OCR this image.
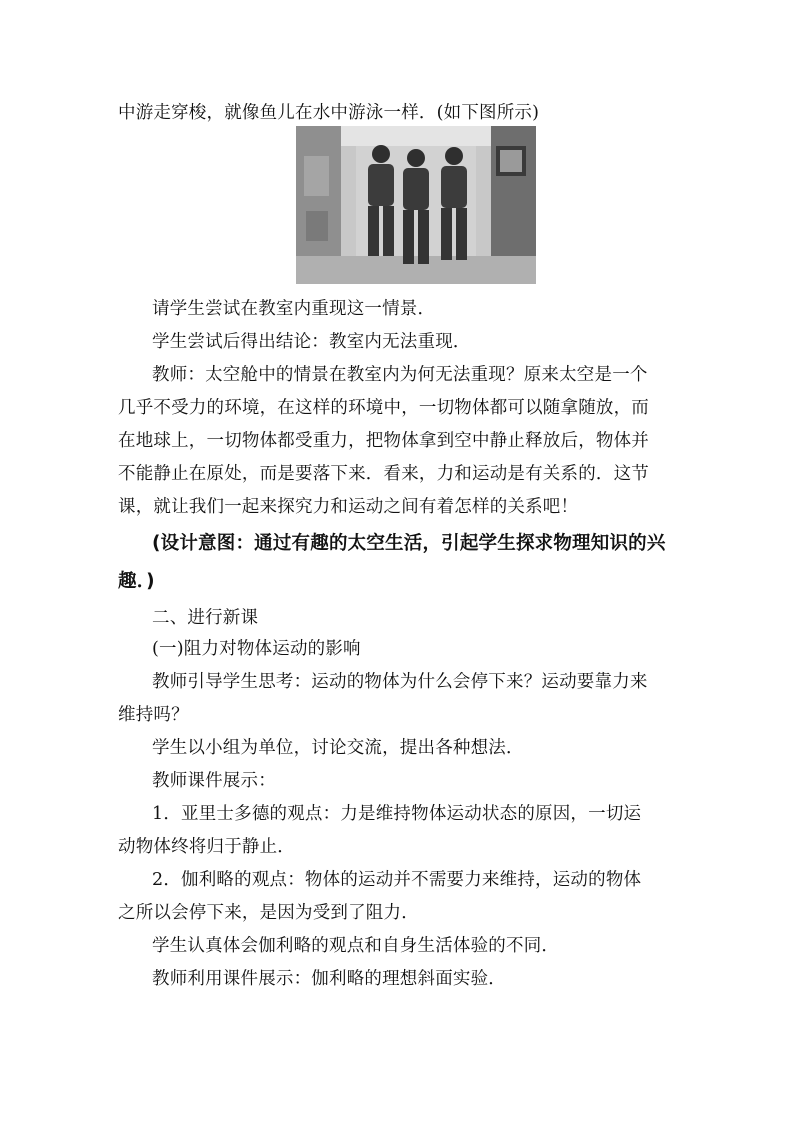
中游走穿梭，就像鱼儿在水中游泳一样．(如下图所示)
请学生尝试在教室内重现这一情景．
学生尝试后得出结论：教室内无法重现．
教师：太空舱中的情景在教室内为何无法重现？原来太空是一个
几乎不受力的环境，在这样的环境中，一切物体都可以随拿随放，而
在地球上，一切物体都受重力，把物体拿到空中静止释放后，物体并
不能静止在原处，而是要落下来．看来，力和运动是有关系的．这节
课，就让我们一起来探究力和运动之间有着怎样的关系吧！
(设计意图：通过有趣的太空生活，引起学生探求物理知识的兴
趣．)
二、进行新课
(一)阻力对物体运动的影响
教师引导学生思考：运动的物体为什么会停下来？运动要靠力来
维持吗？
学生以小组为单位，讨论交流，提出各种想法．
教师课件展示：
1．亚里士多德的观点：力是维持物体运动状态的原因，一切运
动物体终将归于静止．
2．伽利略的观点：物体的运动并不需要力来维持，运动的物体
之所以会停下来，是因为受到了阻力．
学生认真体会伽利略的观点和自身生活体验的不同．
教师利用课件展示：伽利略的理想斜面实验．
